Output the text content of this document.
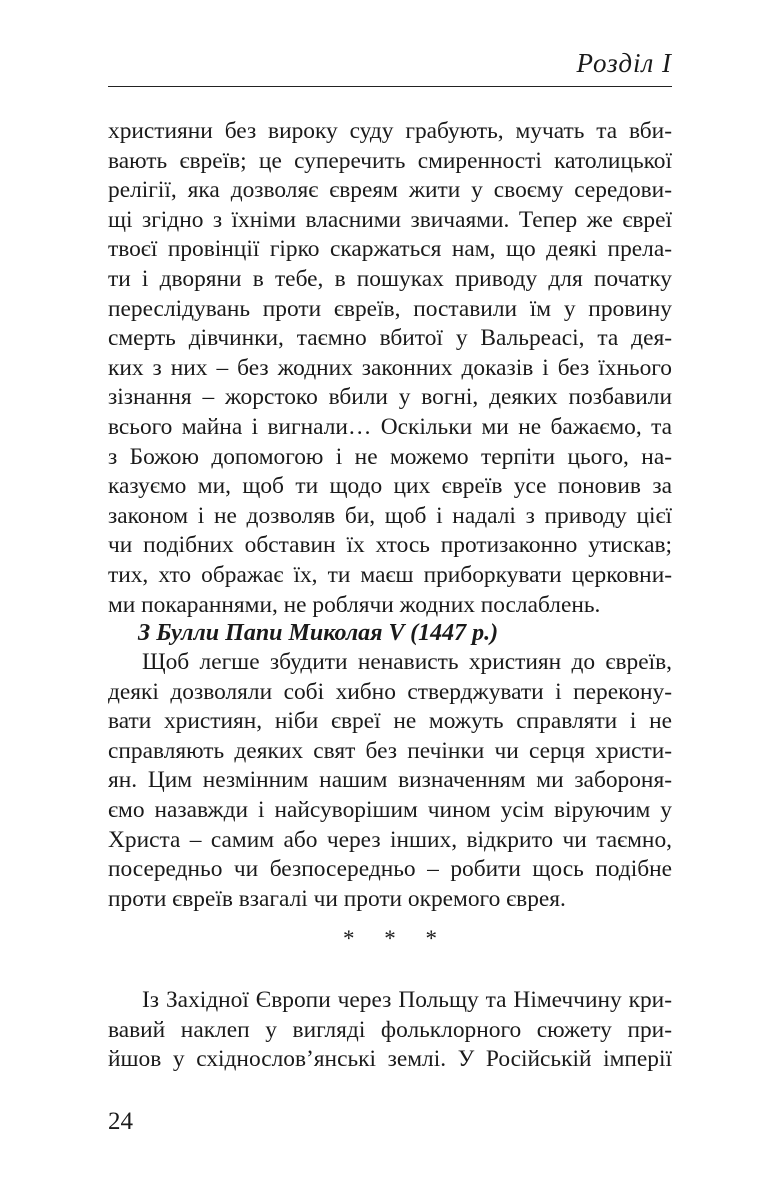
Розділ І
християни без вироку суду грабують, мучать та вби-
вають євреїв; це суперечить смиренності католицької
релігії, яка дозволяє євреям жити у своєму середови-
щі згідно з їхніми власними звичаями. Тепер же євреї
твоєї провінції гірко скаржаться нам, що деякі прела-
ти і дворяни в тебе, в пошуках приводу для початку
переслідувань проти євреїв, поставили їм у провину
смерть дівчинки, таємно вбитої у Вальреасі, та дея-
ких з них – без жодних законних доказів і без їхнього
зізнання – жорстоко вбили у вогні, деяких позбавили
всього майна і вигнали… Оскільки ми не бажаємо, та
з Божою допомогою і не можемо терпіти цього, на-
казуємо ми, щоб ти щодо цих євреїв усе поновив за
законом і не дозволяв би, щоб і надалі з приводу цієї
чи подібних обставин їх хтось протизаконно утискав;
тих, хто ображає їх, ти маєш приборкувати церковни-
ми покараннями, не роблячи жодних послаблень.
З Булли Папи Миколая V (1447 р.)
Щоб легше збудити ненависть християн до євреїв,
деякі дозволяли собі хибно стверджувати і перекону-
вати християн, ніби євреї не можуть справляти і не
справляють деяких свят без печінки чи серця христи-
ян. Цим незмінним нашим визначенням ми забороня-
ємо назавжди і найсуворішим чином усім віруючим у
Христа – самим або через інших, відкрито чи таємно,
посередньо чи безпосередньо – робити щось подібне
проти євреїв взагалі чи проти окремого єврея.
* * *
Із Західної Європи через Польщу та Німеччину кри-
вавий наклеп у вигляді фольклорного сюжету при-
йшов у східнослов’янські землі. У Російській імперії
24
